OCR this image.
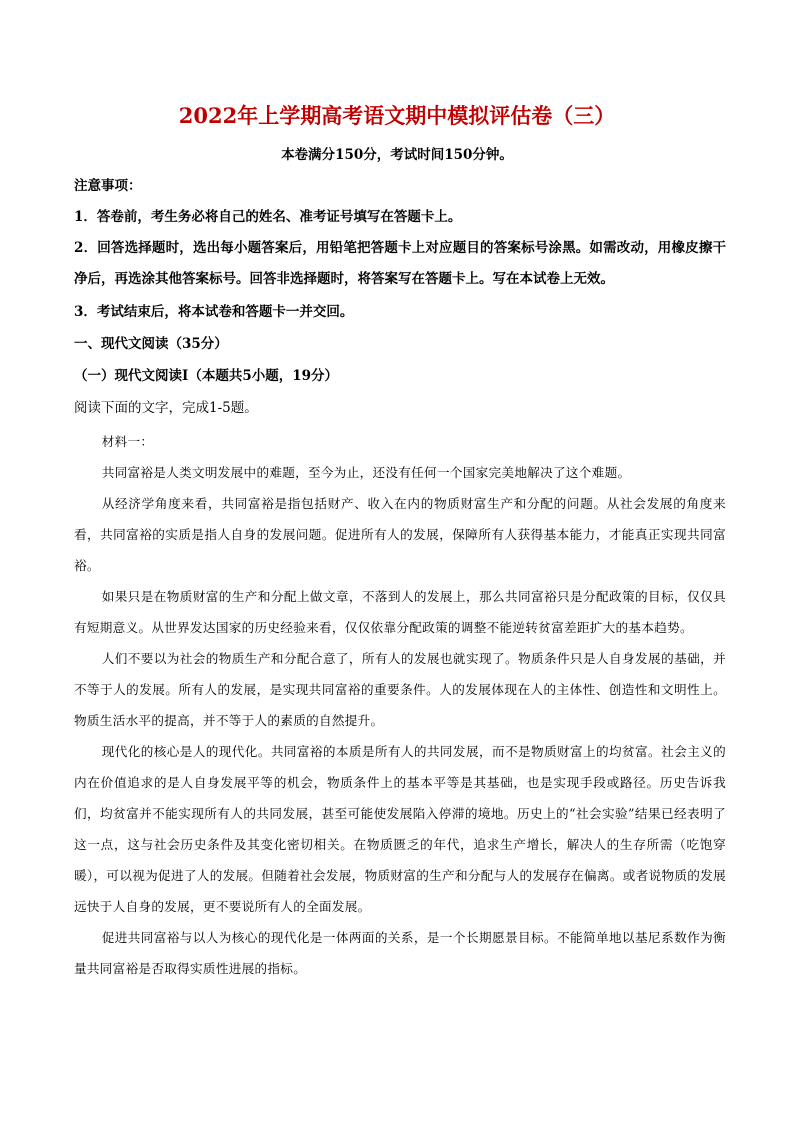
2022年上学期高考语文期中模拟评估卷（三）
本卷满分150分，考试时间150分钟。
注意事项：
1．答卷前，考生务必将自己的姓名、准考证号填写在答题卡上。
2．回答选择题时，选出每小题答案后，用铅笔把答题卡上对应题目的答案标号涂黑。如需改动，用橡皮擦干净后，再选涂其他答案标号。回答非选择题时，将答案写在答题卡上。写在本试卷上无效。
3．考试结束后，将本试卷和答题卡一并交回。
一、现代文阅读（35分）
（一）现代文阅读Ⅰ（本题共5小题，19分）
阅读下面的文字，完成1-5题。

材料一：

共同富裕是人类文明发展中的难题，至今为止，还没有任何一个国家完美地解决了这个难题。

从经济学角度来看，共同富裕是指包括财产、收入在内的物质财富生产和分配的问题。从社会发展的角度来看，共同富裕的实质是指人自身的发展问题。促进所有人的发展，保障所有人获得基本能力，才能真正实现共同富裕。

如果只是在物质财富的生产和分配上做文章，不落到人的发展上，那么共同富裕只是分配政策的目标，仅仅具有短期意义。从世界发达国家的历史经验来看，仅仅依靠分配政策的调整不能逆转贫富差距扩大的基本趋势。

人们不要以为社会的物质生产和分配合意了，所有人的发展也就实现了。物质条件只是人自身发展的基础，并不等于人的发展。所有人的发展，是实现共同富裕的重要条件。人的发展体现在人的主体性、创造性和文明性上。物质生活水平的提高，并不等于人的素质的自然提升。

现代化的核心是人的现代化。共同富裕的本质是所有人的共同发展，而不是物质财富上的均贫富。社会主义的内在价值追求的是人自身发展平等的机会，物质条件上的基本平等是其基础，也是实现手段或路径。历史告诉我们，均贫富并不能实现所有人的共同发展，甚至可能使发展陷入停滞的境地。历史上的“社会实验”结果已经表明了这一点，这与社会历史条件及其变化密切相关。在物质匮乏的年代，追求生产增长，解决人的生存所需（吃饱穿暖），可以视为促进了人的发展。但随着社会发展，物质财富的生产和分配与人的发展存在偏离。或者说物质的发展远快于人自身的发展，更不要说所有人的全面发展。

促进共同富裕与以人为核心的现代化是一体两面的关系，是一个长期愿景目标。不能简单地以基尼系数作为衡量共同富裕是否取得实质性进展的指标。
